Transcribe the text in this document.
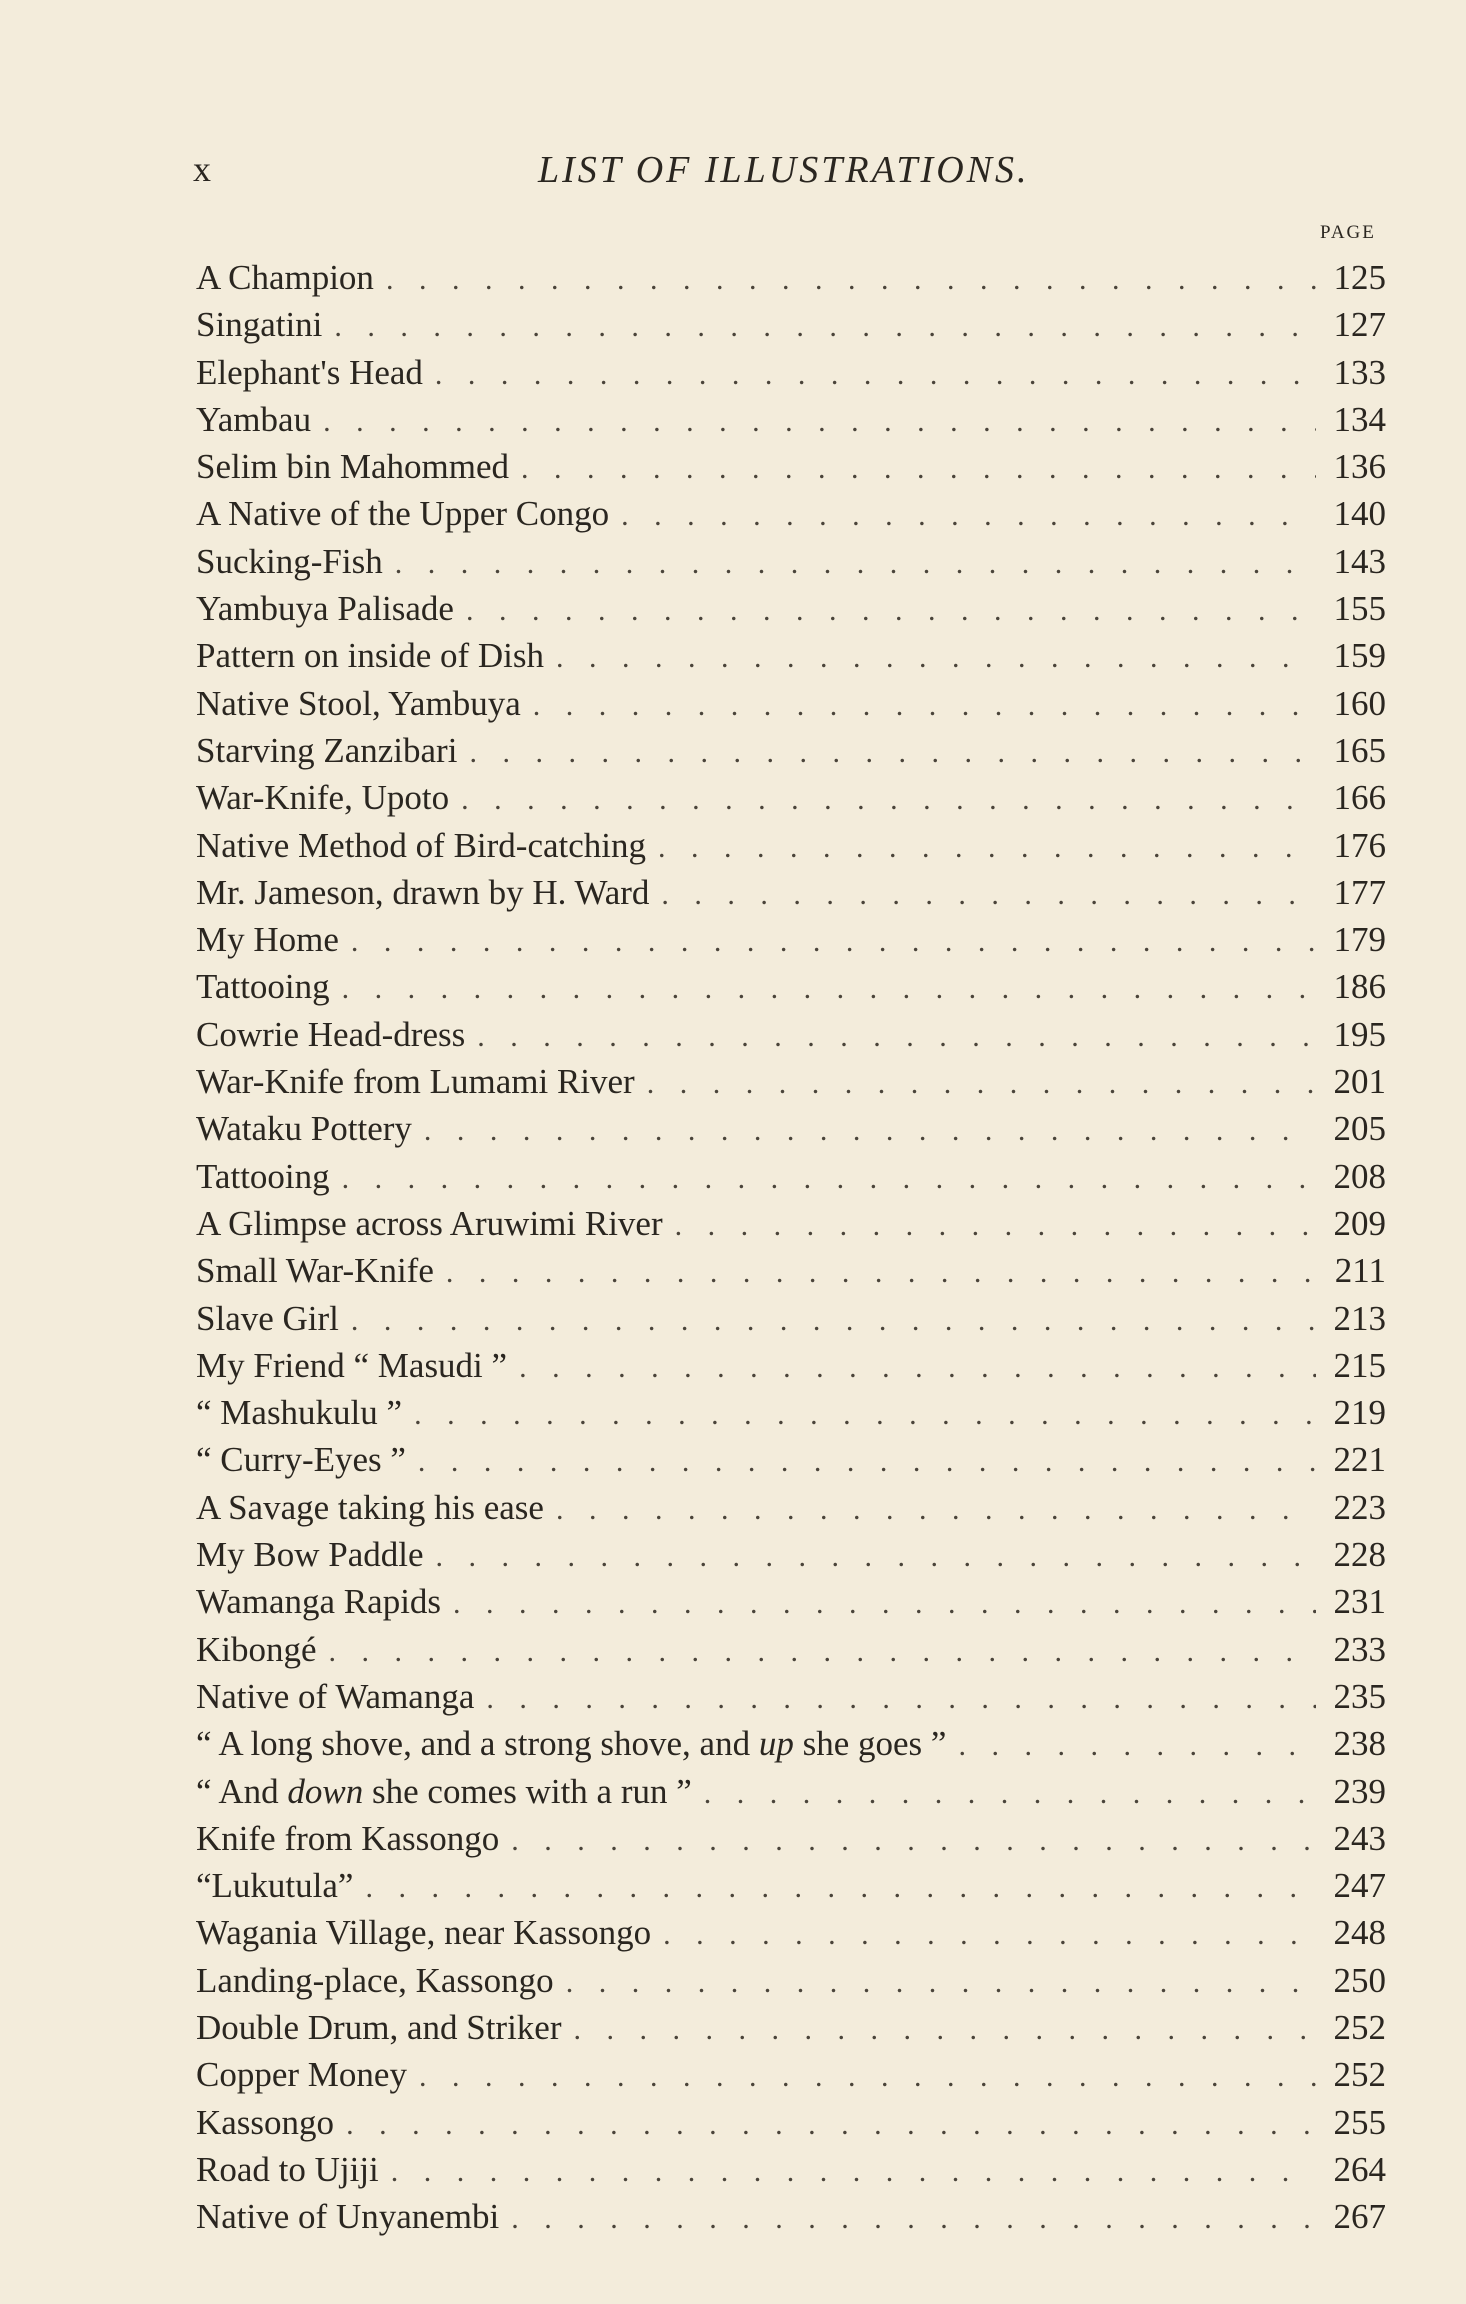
x	LIST OF ILLUSTRATIONS.
PAGE
A Champion . . .	125
Singatini . . .	127
Elephant's Head . . .	133
Yambau . . .	134
Selim bin Mahommed . . .	136
A Native of the Upper Congo . . .	140
Sucking-Fish . . .	143
Yambuya Palisade . . .	155
Pattern on inside of Dish . . .	159
Native Stool, Yambuya . . .	160
Starving Zanzibari . . .	165
War-Knife, Upoto . . .	166
Native Method of Bird-catching . . .	176
Mr. Jameson, drawn by H. Ward . . .	177
My Home . . .	179
Tattooing . . .	186
Cowrie Head-dress . . .	195
War-Knife from Lumami River . . .	201
Wataku Pottery . . .	205
Tattooing . . .	208
A Glimpse across Aruwimi River . . .	209
Small War-Knife . . .	211
Slave Girl . . .	213
My Friend “ Masudi ” . . .	215
“ Mashukulu ” . . .	219
“ Curry-Eyes ” . . .	221
A Savage taking his ease . . .	223
My Bow Paddle . . .	228
Wamanga Rapids . . .	231
Kibongé . . .	233
Native of Wamanga . . .	235
“ A long shove, and a strong shove, and up she goes ” . . .	238
“ And down she comes with a run ” . . .	239
Knife from Kassongo . . .	243
“Lukutula” . . .	247
Wagania Village, near Kassongo . . .	248
Landing-place, Kassongo . . .	250
Double Drum, and Striker . . .	252
Copper Money . . .	252
Kassongo . . .	255
Road to Ujiji . . .	264
Native of Unyanembi . . .	267
